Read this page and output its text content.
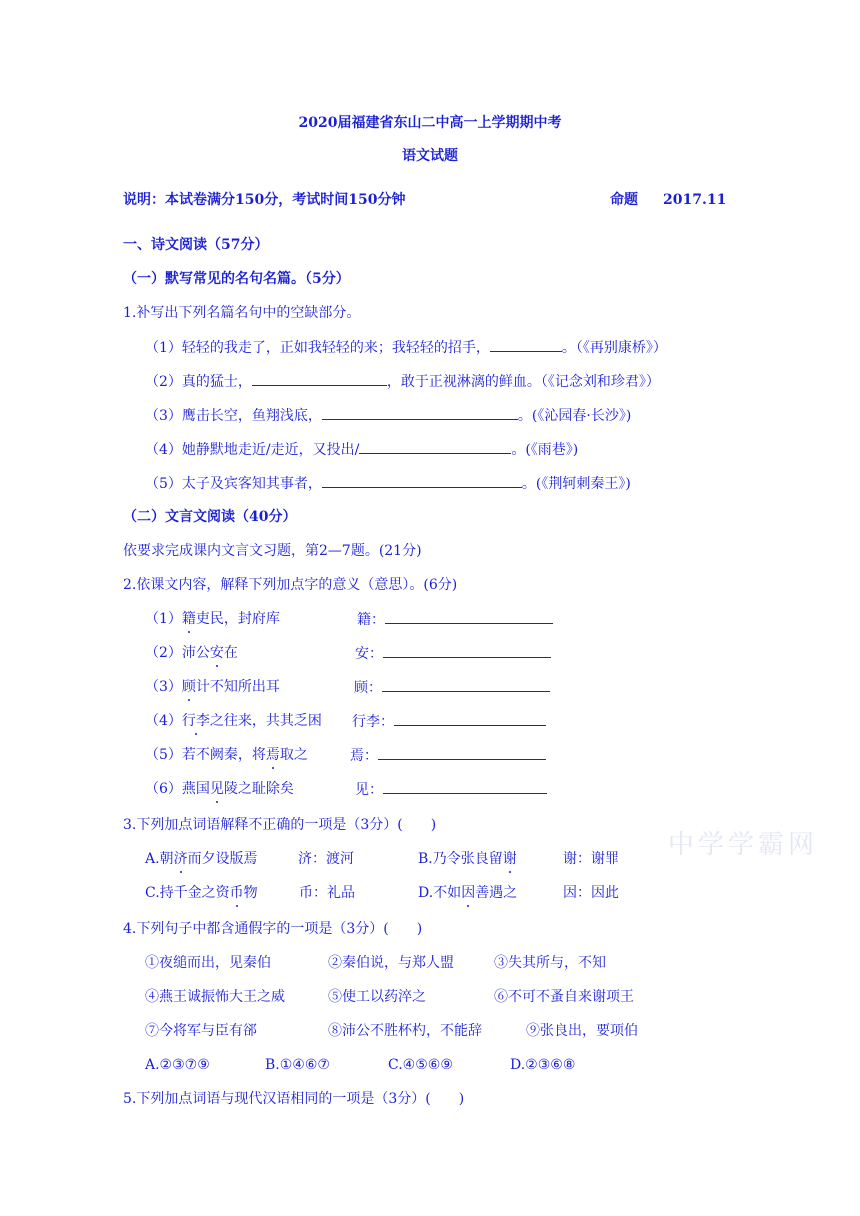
2020届福建省东山二中高一上学期期中考
语文试题
说明：本试卷满分150分，考试时间150分钟	命题 2017.11
一、诗文阅读（57分）
（一）默写常见的名句名篇。（5分）
1.补写出下列名篇名句中的空缺部分。
（1）轻轻的我走了，正如我轻轻的来；我轻轻的招手，	。（《再别康桥》）
（2）真的猛士，	，敢于正视淋漓的鲜血。（《记念刘和珍君》）
（3）鹰击长空，鱼翔浅底，	。(《沁园春·长沙》)
（4）她静默地走近/走近，又投出/	。(《雨巷》)
（5）太子及宾客知其事者，	。(《荆轲刺秦王》)
（二）文言文阅读（40分）
依要求完成课内文言文习题，第2—7题。(21分)
2.依课文内容，解释下列加点字的意义（意思）。(6分)
（1）籍吏民，封府库	籍：
（2）沛公安在	安：
（3）顾计不知所出耳	顾：
（4）行李之往来，共其乏困 行李：
（5）若不阙秦，将焉取之	焉：
（6）燕国见陵之耻除矣	见：
3.下列加点词语解释不正确的一项是（3分）(　　)
A.朝济而夕设版焉	济：渡河	B.乃令张良留谢	谢：谢罪
C.持千金之资币物	币：礼品	D.不如因善遇之	因：因此
4.下列句子中都含通假字的一项是（3分）(　　)
①夜缒而出，见秦伯	②秦伯说，与郑人盟	③失其所与，不知
④燕王诚振怖大王之威	⑤使工以药淬之	⑥不可不蚤自来谢项王
⑦今将军与臣有郤	⑧沛公不胜杯杓，不能辞	⑨张良出，要项伯
A.②③⑦⑨	B.①④⑥⑦	C.④⑤⑥⑨	D.②③⑥⑧
5.下列加点词语与现代汉语相同的一项是（3分）(　　)
中学学霸网
